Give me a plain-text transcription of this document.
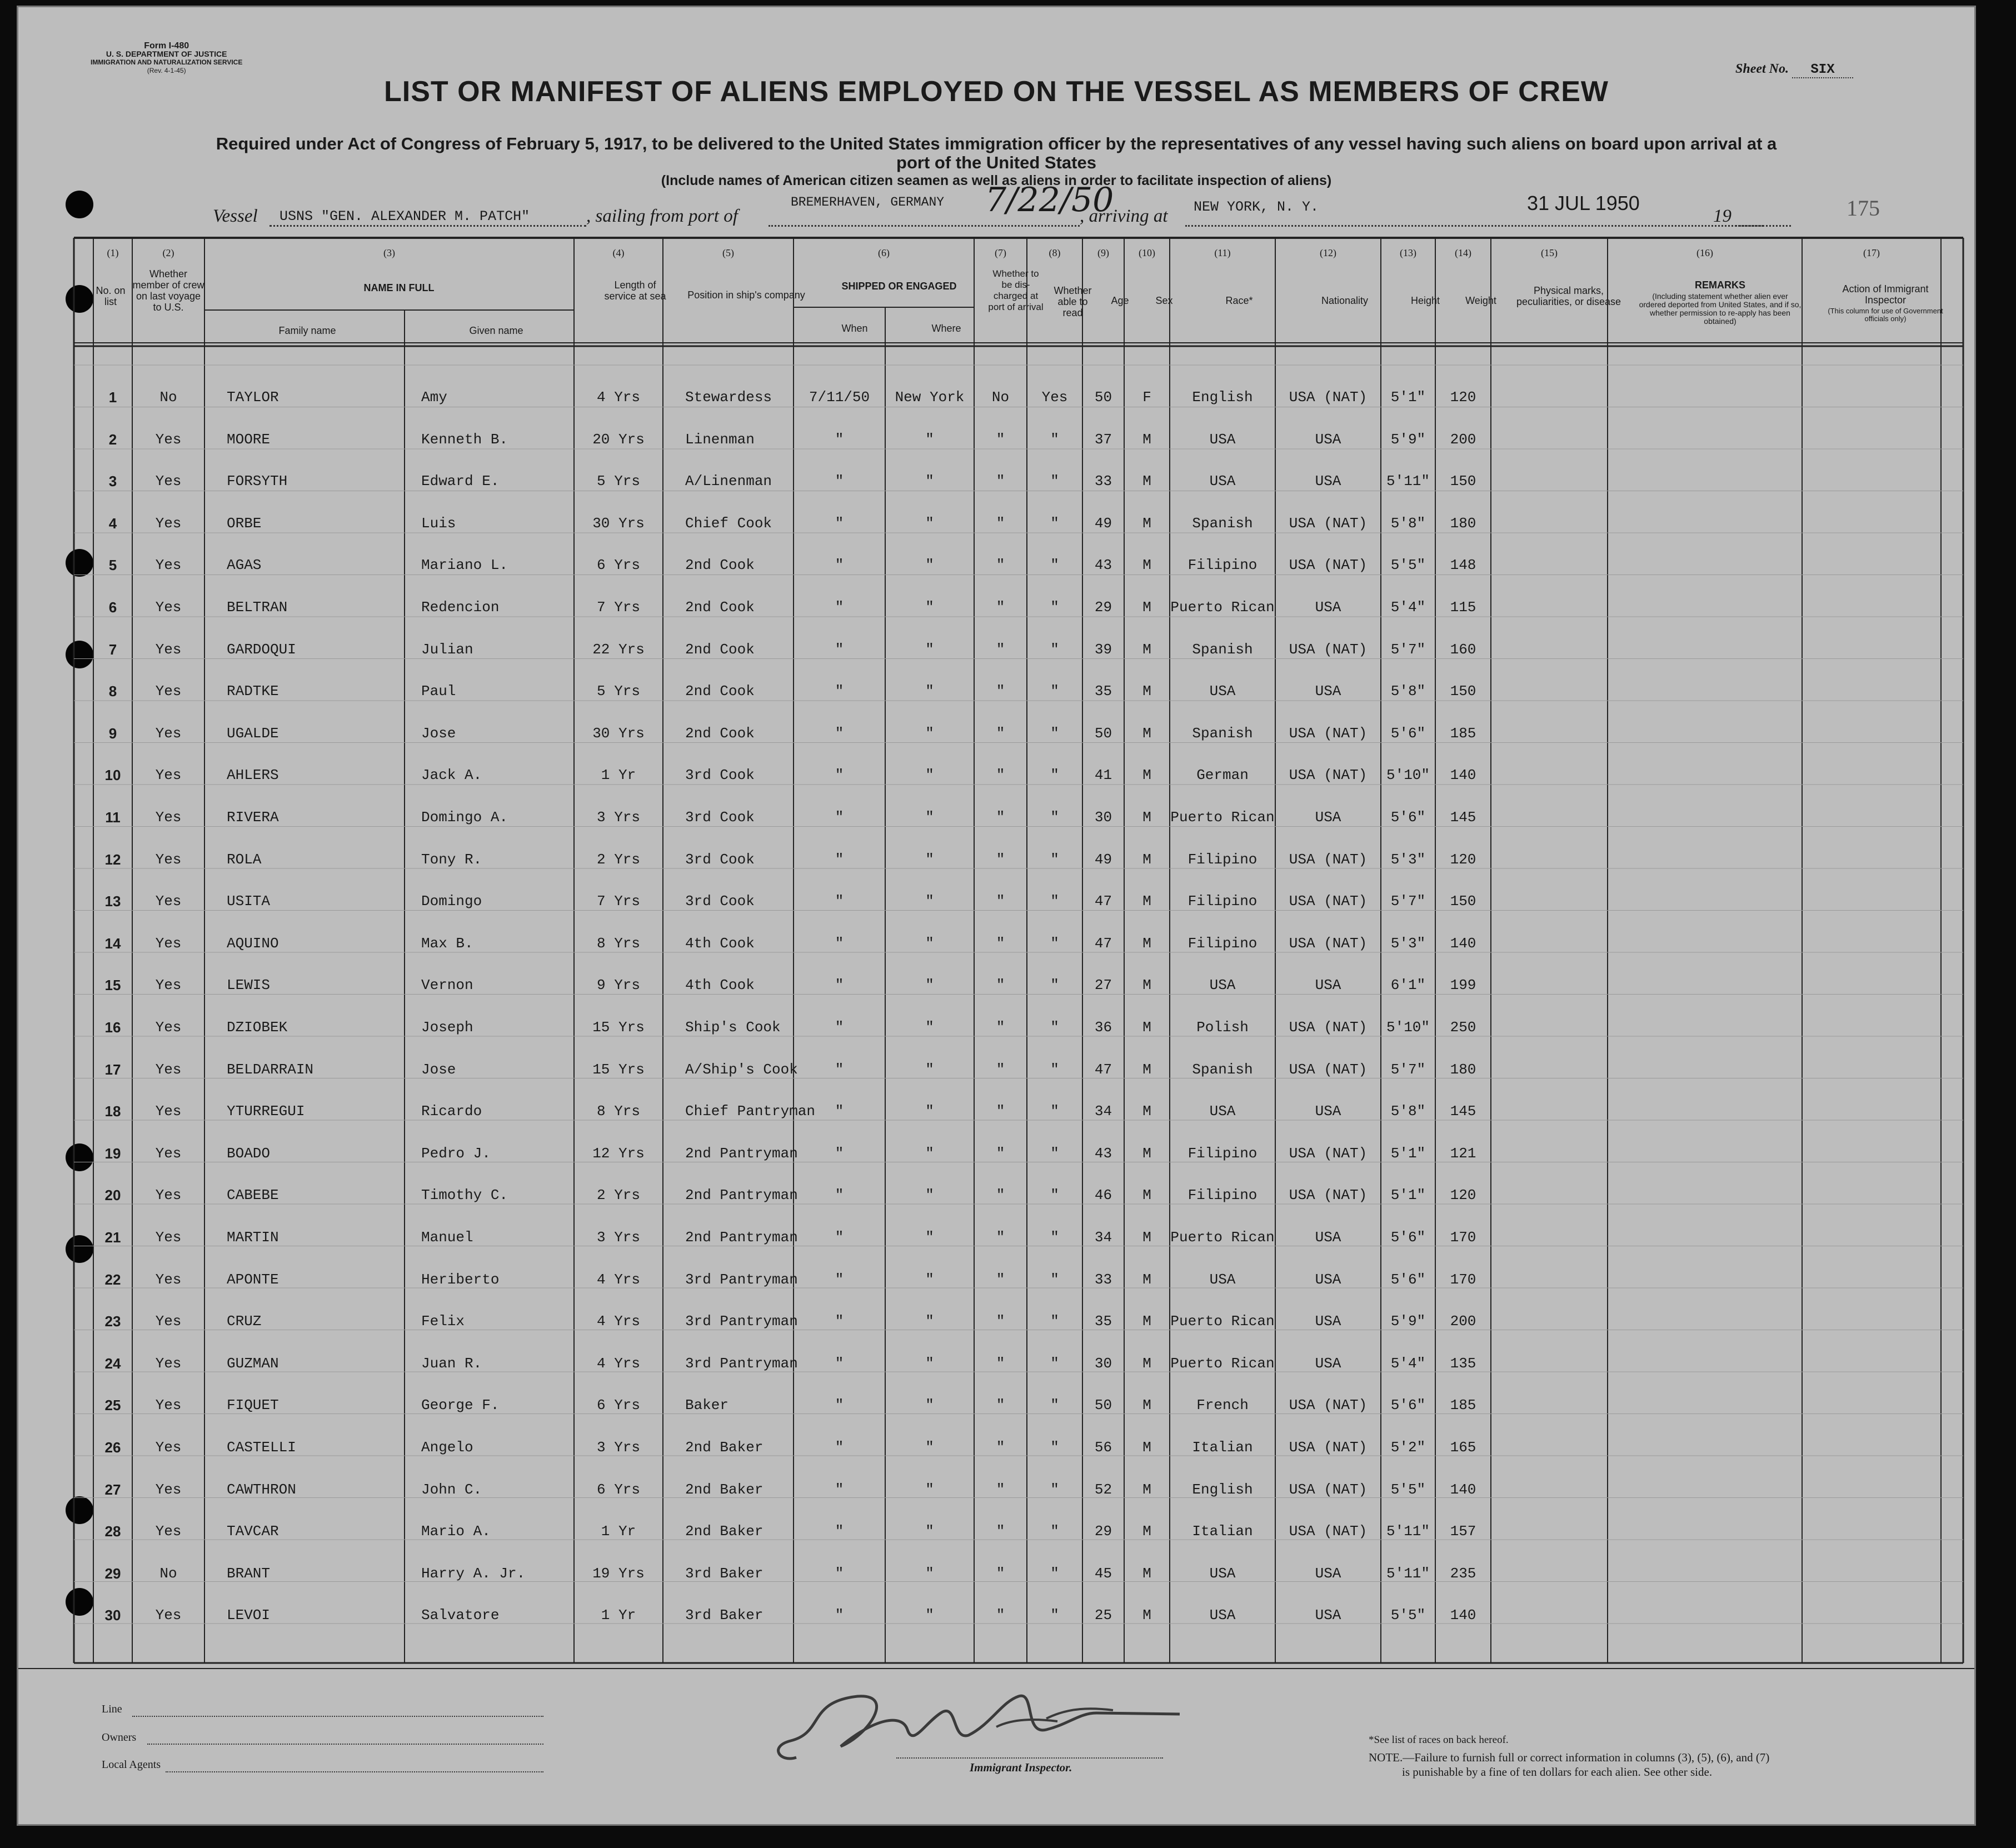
Form I-480
U. S. DEPARTMENT OF JUSTICE
IMMIGRATION AND NATURALIZATION SERVICE
(Rev. 4-1-45)	Sheet No. SIX
LIST OR MANIFEST OF ALIENS EMPLOYED ON THE VESSEL AS MEMBERS OF CREW
Required under Act of Congress of February 5, 1917, to be delivered to the United States immigration officer by the representatives of any vessel having such aliens on board upon arrival at a
port of the United States
(Include names of American citizen seamen as well as aliens in order to facilitate inspection of aliens)
Vessel USNS "GEN. ALEXANDER M. PATCH"	, sailing from port of
BREMERHAVEN, GERMANY 7/22/50
, arriving at NEW YORK, N. Y.	31 JUL 1950
19	175
(1)	(2)	(3)	(4)	(5)	(6)	(7)	(8)	(9)	(10)	(11)	(12)	(13)	(14)	(15)	(16)	(17)
No. on list
Whether member of crew on last voyage to U.S.
NAME IN FULL
Family name	Given name
Length of service at sea	Position in ship's company
SHIPPED OR ENGAGED
When	Where
Whether to be dis-charged at port of arrival
Whether able to read
Age	Sex	Race*	Nationality	Height	Weight
Physical marks, peculiarities, or disease
REMARKS
(Including statement whether alien ever ordered deported from United States, and if so, whether permission to re-apply has been obtained)
Action of Immigrant Inspector
(This column for use of Government officials only)
1	No	TAYLOR	Amy	4 Yrs	Stewardess	7/11/50	New York	No	Yes	50	F	English	USA (NAT)	5'1"	120
2	Yes	MOORE	Kenneth B.	20 Yrs	Linenman	"	"	"	"	37	M	USA	USA	5'9"	200
3	Yes	FORSYTH	Edward E.	5 Yrs	A/Linenman	"	"	"	"	33	M	USA	USA	5'11"	150
4	Yes	ORBE	Luis	30 Yrs	Chief Cook	"	"	"	"	49	M	Spanish	USA (NAT)	5'8"	180
5	Yes	AGAS	Mariano L.	6 Yrs	2nd Cook	"	"	"	"	43	M	Filipino	USA (NAT)	5'5"	148
6	Yes	BELTRAN	Redencion	7 Yrs	2nd Cook	"	"	"	"	29	M	Puerto Rican	USA	5'4"	115
7	Yes	GARDOQUI	Julian	22 Yrs	2nd Cook	"	"	"	"	39	M	Spanish	USA (NAT)	5'7"	160
8	Yes	RADTKE	Paul	5 Yrs	2nd Cook	"	"	"	"	35	M	USA	USA	5'8"	150
9	Yes	UGALDE	Jose	30 Yrs	2nd Cook	"	"	"	"	50	M	Spanish	USA (NAT)	5'6"	185
10	Yes	AHLERS	Jack A.	1 Yr	3rd Cook	"	"	"	"	41	M	German	USA (NAT)	5'10"	140
11	Yes	RIVERA	Domingo A.	3 Yrs	3rd Cook	"	"	"	"	30	M	Puerto Rican	USA	5'6"	145
12	Yes	ROLA	Tony R.	2 Yrs	3rd Cook	"	"	"	"	49	M	Filipino	USA (NAT)	5'3"	120
13	Yes	USITA	Domingo	7 Yrs	3rd Cook	"	"	"	"	47	M	Filipino	USA (NAT)	5'7"	150
14	Yes	AQUINO	Max B.	8 Yrs	4th Cook	"	"	"	"	47	M	Filipino	USA (NAT)	5'3"	140
15	Yes	LEWIS	Vernon	9 Yrs	4th Cook	"	"	"	"	27	M	USA	USA	6'1"	199
16	Yes	DZIOBEK	Joseph	15 Yrs	Ship's Cook	"	"	"	"	36	M	Polish	USA (NAT)	5'10"	250
17	Yes	BELDARRAIN	Jose	15 Yrs	A/Ship's Cook	"	"	"	"	47	M	Spanish	USA (NAT)	5'7"	180
18	Yes	YTURREGUI	Ricardo	8 Yrs	Chief Pantryman	"	"	"	"	34	M	USA	USA	5'8"	145
19	Yes	BOADO	Pedro J.	12 Yrs	2nd Pantryman	"	"	"	"	43	M	Filipino	USA (NAT)	5'1"	121
20	Yes	CABEBE	Timothy C.	2 Yrs	2nd Pantryman	"	"	"	"	46	M	Filipino	USA (NAT)	5'1"	120
21	Yes	MARTIN	Manuel	3 Yrs	2nd Pantryman	"	"	"	"	34	M	Puerto Rican	USA	5'6"	170
22	Yes	APONTE	Heriberto	4 Yrs	3rd Pantryman	"	"	"	"	33	M	USA	USA	5'6"	170
23	Yes	CRUZ	Felix	4 Yrs	3rd Pantryman	"	"	"	"	35	M	Puerto Rican	USA	5'9"	200
24	Yes	GUZMAN	Juan R.	4 Yrs	3rd Pantryman	"	"	"	"	30	M	Puerto Rican	USA	5'4"	135
25	Yes	FIQUET	George F.	6 Yrs	Baker	"	"	"	"	50	M	French	USA (NAT)	5'6"	185
26	Yes	CASTELLI	Angelo	3 Yrs	2nd Baker	"	"	"	"	56	M	Italian	USA (NAT)	5'2"	165
27	Yes	CAWTHRON	John C.	6 Yrs	2nd Baker	"	"	"	"	52	M	English	USA (NAT)	5'5"	140
28	Yes	TAVCAR	Mario A.	1 Yr	2nd Baker	"	"	"	"	29	M	Italian	USA (NAT)	5'11"	157
29	No	BRANT	Harry A. Jr.	19 Yrs	3rd Baker	"	"	"	"	45	M	USA	USA	5'11"	235
30	Yes	LEVOI	Salvatore	1 Yr	3rd Baker	"	"	"	"	25	M	USA	USA	5'5"	140
Line
Owners
Local Agents	Immigrant Inspector.
*See list of races on back hereof.
NOTE.—Failure to furnish full or correct information in columns (3), (5), (6), and (7)
is punishable by a fine of ten dollars for each alien. See other side.
